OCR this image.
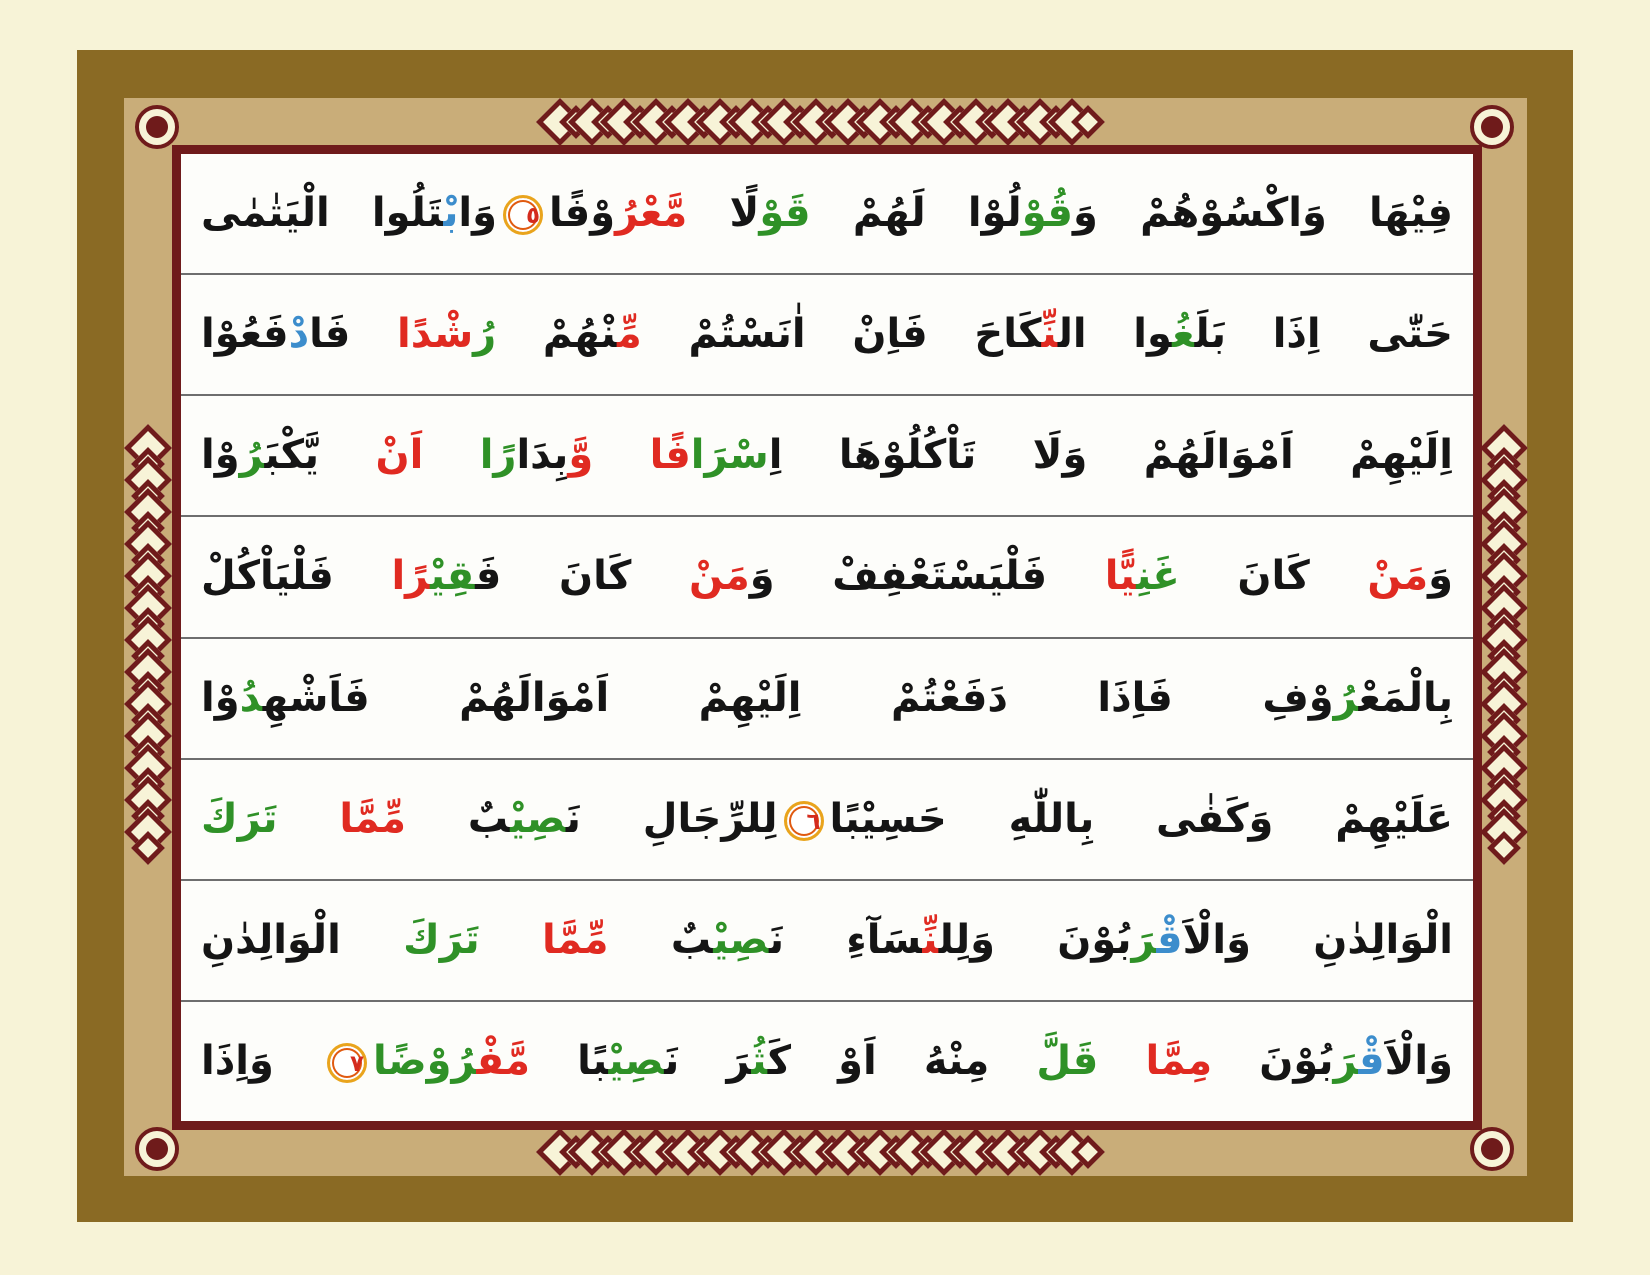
فِيْهَا وَاكْسُوْهُمْ وَقُوْلُوْا لَهُمْ قَوْلًا مَّعْرُوْفًا٥وَابْتَلُوا الْيَتٰمٰى
حَتّٰى اِذَا بَلَغُوا النِّكَاحَ فَاِنْ اٰنَسْتُمْ مِّنْهُمْ رُشْدًا فَادْفَعُوْا
اِلَيْهِمْ اَمْوَالَهُمْ وَلَا تَاْكُلُوْهَا اِسْرَافًا وَّبِدَارًا اَنْ يَّكْبَرُوْا
وَمَنْ كَانَ غَنِيًّا فَلْيَسْتَعْفِفْ وَمَنْ كَانَ فَقِيْرًا فَلْيَاْكُلْ
بِالْمَعْرُوْفِ فَاِذَا دَفَعْتُمْ اِلَيْهِمْ اَمْوَالَهُمْ فَاَشْهِدُوْا
عَلَيْهِمْ وَكَفٰى بِاللّٰهِ حَسِيْبًا٦لِلرِّجَالِ نَصِيْبٌ مِّمَّا تَرَكَ
الْوَالِدٰنِ وَالْاَقْرَبُوْنَ وَلِلنِّسَآءِ نَصِيْبٌ مِّمَّا تَرَكَ الْوَالِدٰنِ
وَالْاَقْرَبُوْنَ مِمَّا قَلَّ مِنْهُ اَوْ كَثُرَ نَصِيْبًا مَّفْرُوْضًا٧ وَاِذَا
